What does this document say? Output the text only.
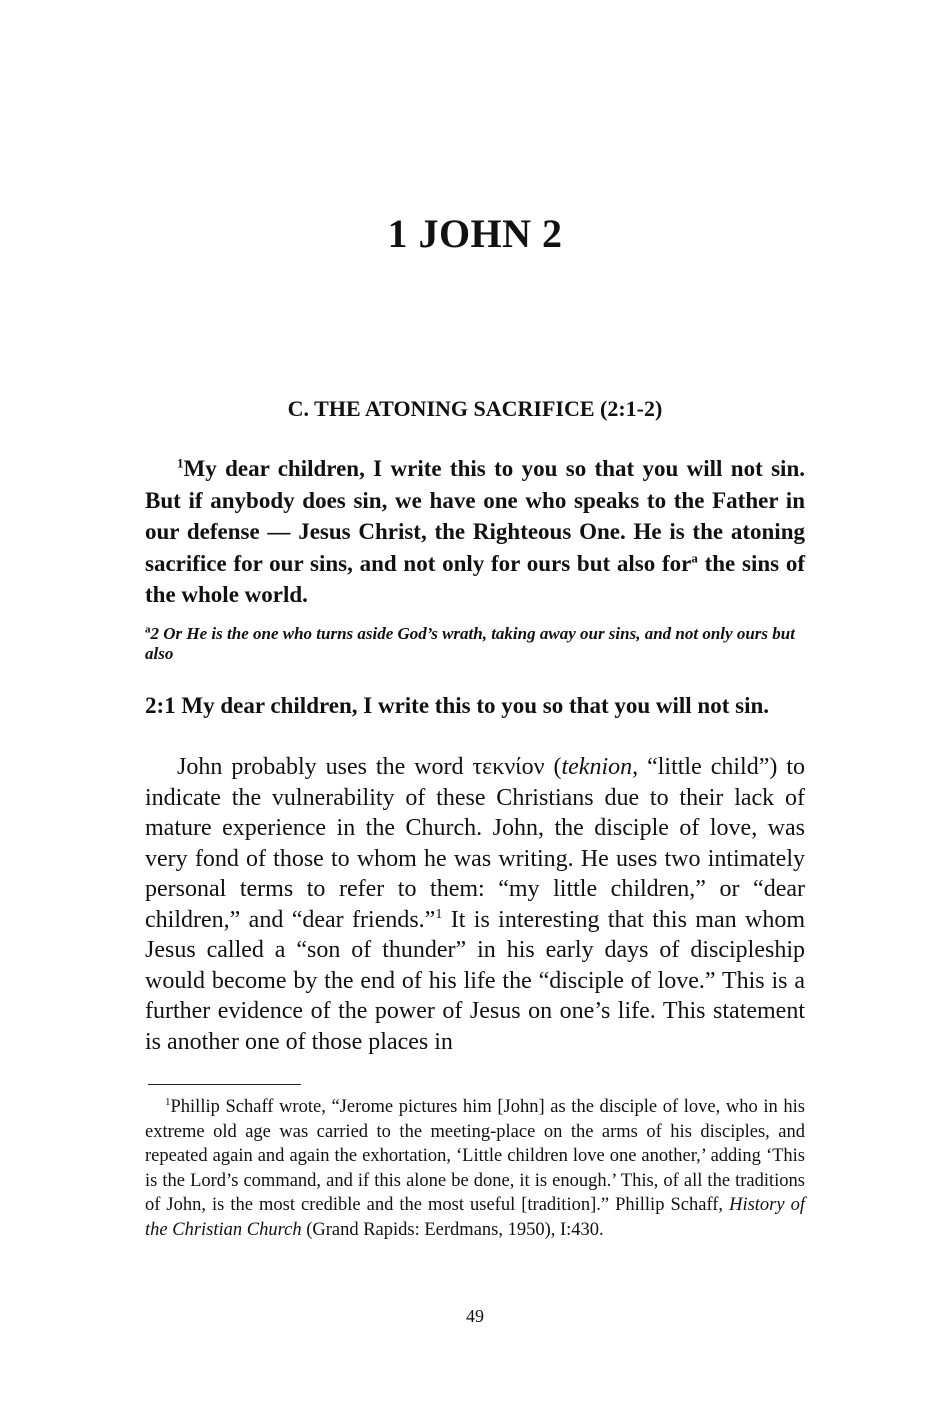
1 JOHN 2
C. THE ATONING SACRIFICE (2:1-2)

$^1$My dear children, I write this to you so that you will not sin. But if anybody does sin, we have one who speaks to the Father in our defense — Jesus Christ, the Righteous One. He is the atoning sacrifice for our sins, and not only for ours but also for$^a$ the sins of the whole world.

$^a$2 Or He is the one who turns aside God’s wrath, taking away our sins, and not only ours but also

2:1 My dear children, I write this to you so that you will not sin.

John probably uses the word τεκνίον (teknion, “little child”) to indicate the vulnerability of these Christians due to their lack of mature experience in the Church. John, the disciple of love, was very fond of those to whom he was writing. He uses two intimately personal terms to refer to them: “my little children,” or “dear children,” and “dear friends.”$^1$ It is interesting that this man whom Jesus called a “son of thunder” in his early days of discipleship would become by the end of his life the “disciple of love.” This is a further evidence of the power of Jesus on one’s life. This statement is another one of those places in

$^1$Phillip Schaff wrote, “Jerome pictures him [John] as the disciple of love, who in his extreme old age was carried to the meeting-place on the arms of his disciples, and repeated again and again the exhortation, ‘Little children love one another,’ adding ‘This is the Lord’s command, and if this alone be done, it is enough.’ This, of all the traditions of John, is the most credible and the most useful [tradition].” Phillip Schaff, History of the Christian Church (Grand Rapids: Eerdmans, 1950), I:430.

49
